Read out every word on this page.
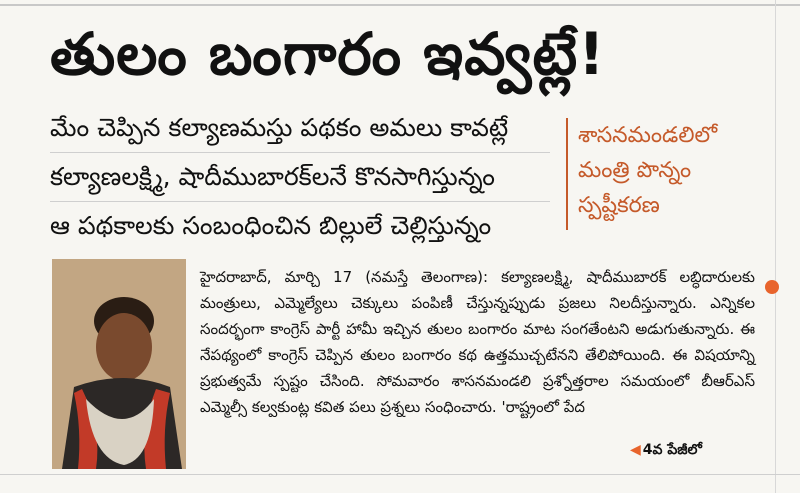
తులం బంగారం ఇవ్వట్లే!
మేం చెప్పిన కల్యాణమస్తు పథకం అమలు కావట్లే
కల్యాణలక్ష్మి, షాదీముబారక్‌లనే కొనసాగిస్తున్నం
ఆ పథకాలకు సంబంధించిన బిల్లులే చెల్లిస్తున్నం
శాసనమండలిలో
మంత్రి పొన్నం
స్పష్టీకరణ
హైదరాబాద్, మార్చి 17 (నమస్తే తెలంగాణ): కల్యాణలక్ష్మి, షాదీముబారక్ లబ్ధిదారులకు మంత్రులు, ఎమ్మెల్యేలు చెక్కులు పంపిణీ చేస్తున్నప్పుడు ప్రజలు నిలదీస్తున్నారు. ఎన్నికల సందర్భంగా కాంగ్రెస్ పార్టీ హామీ ఇచ్చిన తులం బంగారం మాట సంగతేంటని అడుగుతున్నారు. ఈ నేపథ్యంలో కాంగ్రెస్ చెప్పిన తులం బంగారం కథ ఉత్తముచ్చటేనని తేలిపోయింది. ఈ విషయాన్ని ప్రభుత్వమే స్పష్టం చేసింది. సోమవారం శాసనమండలి ప్రశ్నోత్తరాల సమయంలో బీఆర్ఎస్ ఎమ్మెల్సీ కల్వకుంట్ల కవిత పలు ప్రశ్నలు సంధించారు. 'రాష్ట్రంలో పేద
◀ 4వ పేజీలో
